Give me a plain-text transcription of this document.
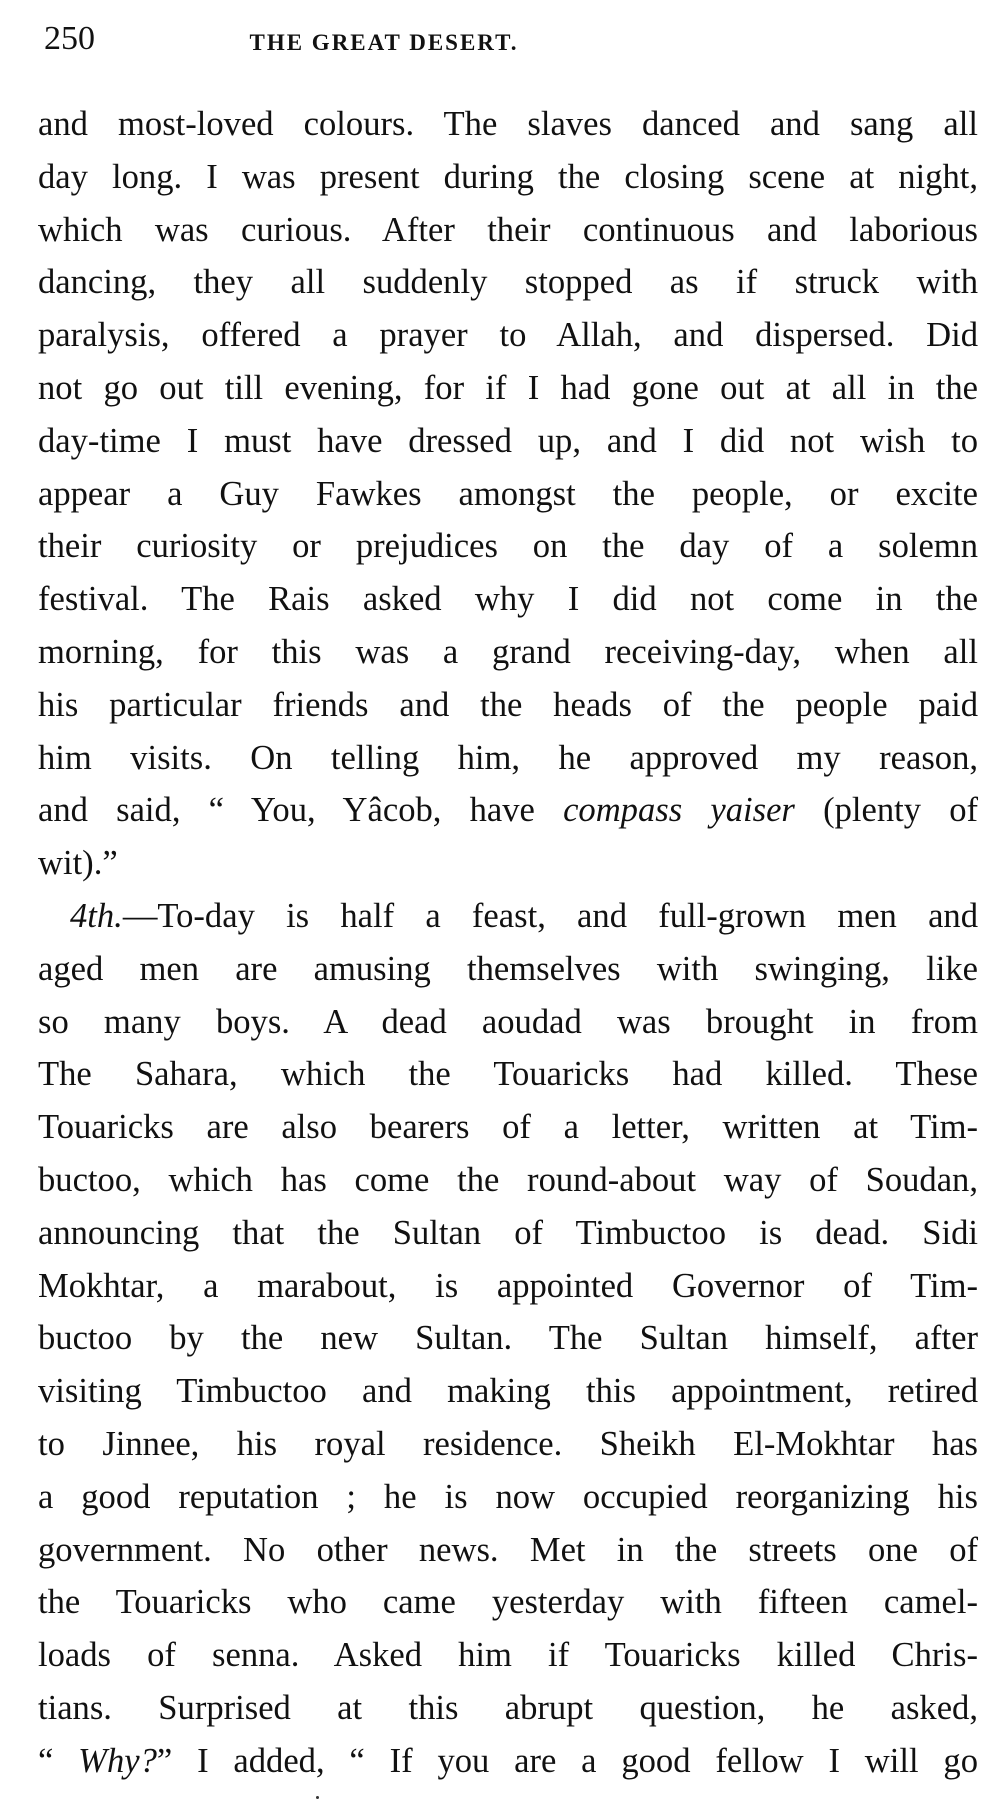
250	THE GREAT DESERT.
and most-loved colours. The slaves danced and sang all
day long. I was present during the closing scene at night,
which was curious. After their continuous and laborious
dancing, they all suddenly stopped as if struck with
paralysis, offered a prayer to Allah, and dispersed. Did
not go out till evening, for if I had gone out at all in the
day-time I must have dressed up, and I did not wish to
appear a Guy Fawkes amongst the people, or excite
their curiosity or prejudices on the day of a solemn
festival. The Rais asked why I did not come in the
morning, for this was a grand receiving-day, when all
his particular friends and the heads of the people paid
him visits. On telling him, he approved my reason,
and said, “ You, Yâcob, have compass yaiser (plenty of
wit).”
4th.—To-day is half a feast, and full-grown men and
aged men are amusing themselves with swinging, like
so many boys. A dead aoudad was brought in from
The Sahara, which the Touaricks had killed. These
Touaricks are also bearers of a letter, written at Tim-
buctoo, which has come the round-about way of Soudan,
announcing that the Sultan of Timbuctoo is dead. Sidi
Mokhtar, a marabout, is appointed Governor of Tim-
buctoo by the new Sultan. The Sultan himself, after
visiting Timbuctoo and making this appointment, retired
to Jinnee, his royal residence. Sheikh El-Mokhtar has
a good reputation ; he is now occupied reorganizing his
government. No other news. Met in the streets one of
the Touaricks who came yesterday with fifteen camel-
loads of senna. Asked him if Touaricks killed Chris-
tians. Surprised at this abrupt question, he asked,
“ Why?” I added, “ If you are a good fellow I will go
